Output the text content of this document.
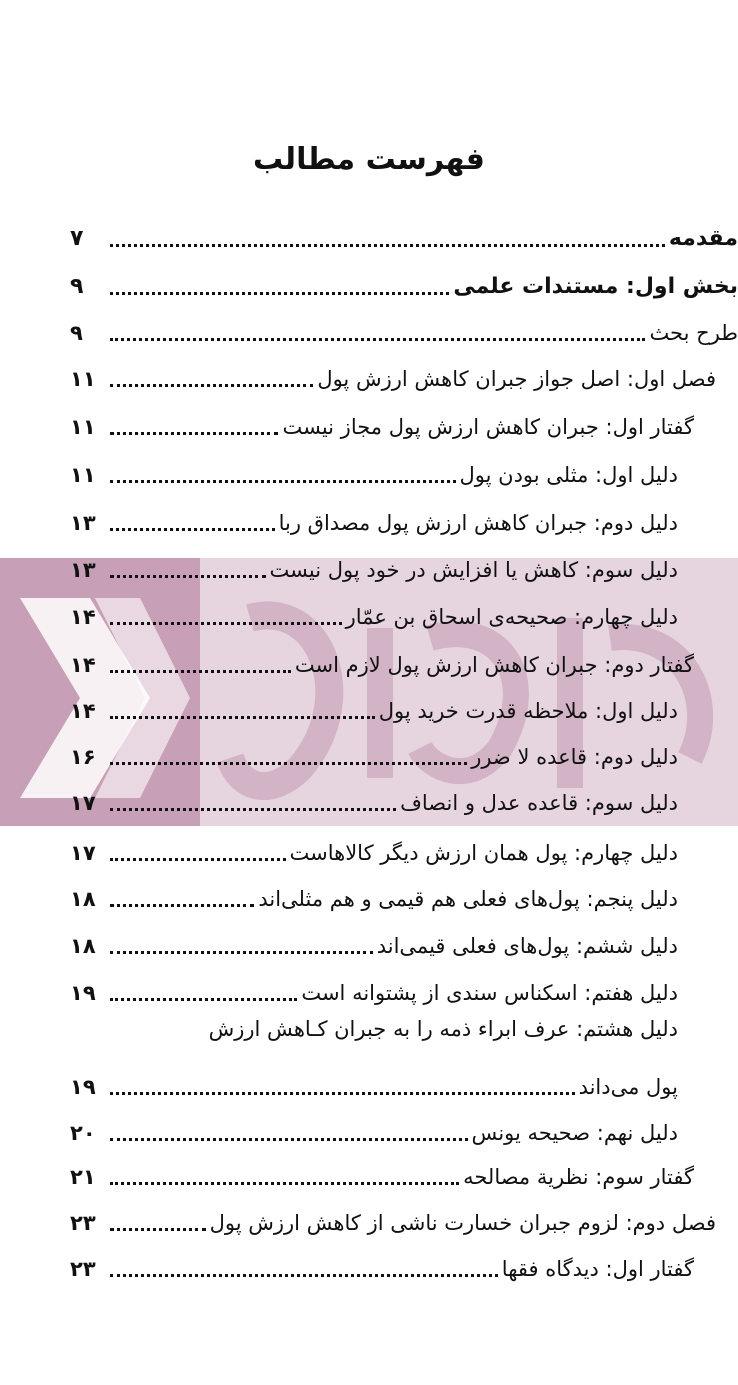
فهرست مطالب
مقدمه
۷
بخش اول: مستندات علمی
۹
طرح بحث
۹
فصل اول: اصل جواز جبران کاهش ارزش پول
۱۱
گفتار اول: جبران کاهش ارزش پول مجاز نیست
۱۱
دلیل اول: مثلی بودن پول
۱۱
دلیل دوم: جبران کاهش ارزش پول مصداق ربا
۱۳
دلیل سوم: کاهش یا افزایش در خود پول نیست
۱۳
دلیل چهارم: صحیحه‌ی اسحاق بن عمّار
۱۴
گفتار دوم: جبران کاهش ارزش پول لازم است
۱۴
دلیل اول: ملاحظه قدرت خرید پول
۱۴
دلیل دوم: قاعده لا ضرر
۱۶
دلیل سوم: قاعده عدل و انصاف
۱۷
دلیل چهارم: پول همان ارزش دیگر کالاهاست
۱۷
دلیل پنجم: پول‌های فعلی هم قیمی و هم مثلی‌اند
۱۸
دلیل ششم: پول‌های فعلی قیمی‌اند
۱۸
دلیل هفتم: اسکناس سندی از پشتوانه است
۱۹
دلیل هشتم: عرف ابراء ذمه را به جبران کـاهش ارزش
پول می‌داند
۱۹
دلیل نهم: صحیحه یونس
۲۰
گفتار سوم: نظریة مصالحه
۲۱
فصل دوم: لزوم جبران خسارت ناشی از کاهش ارزش پول
۲۳
گفتار اول: دیدگاه فقها
۲۳
